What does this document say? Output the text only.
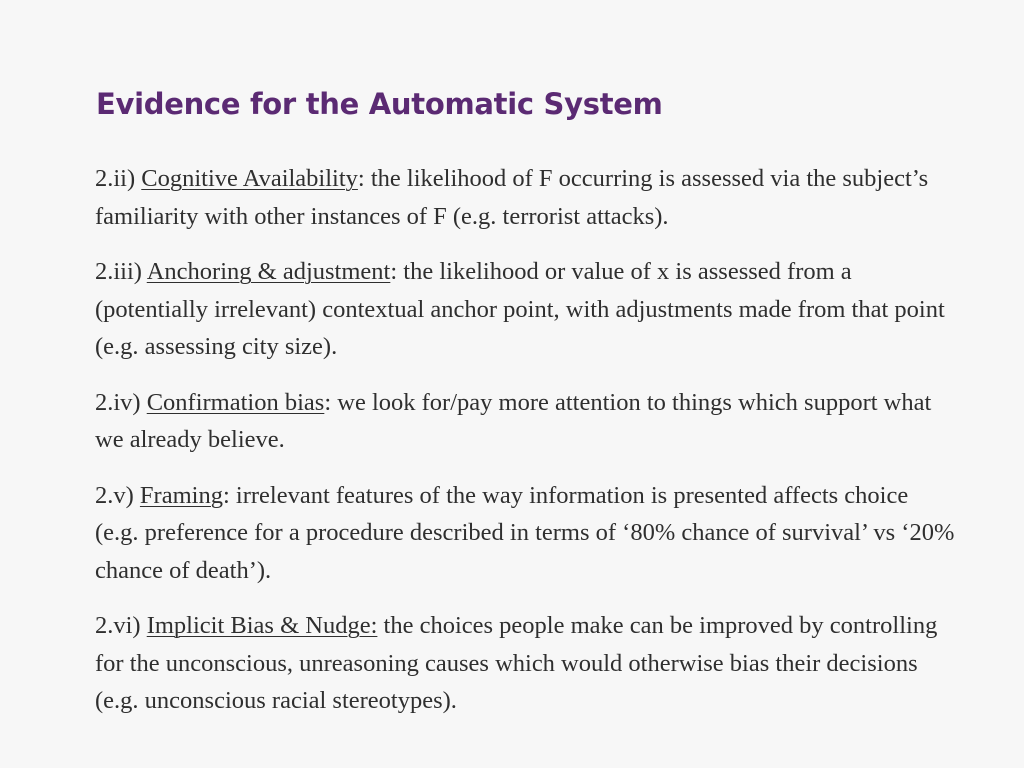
Evidence for the Automatic System

2.ii) Cognitive Availability: the likelihood of F occurring is assessed via the subject’s familiarity with other instances of F (e.g. terrorist attacks).

2.iii) Anchoring & adjustment: the likelihood or value of x is assessed from a (potentially irrelevant) contextual anchor point, with adjustments made from that point (e.g. assessing city size).

2.iv) Confirmation bias: we look for/pay more attention to things which support what we already believe.

2.v) Framing: irrelevant features of the way information is presented affects choice (e.g. preference for a procedure described in terms of ‘80% chance of survival’ vs ‘20% chance of death’).

2.vi) Implicit Bias & Nudge: the choices people make can be improved by controlling for the unconscious, unreasoning causes which would otherwise bias their decisions (e.g. unconscious racial stereotypes).
